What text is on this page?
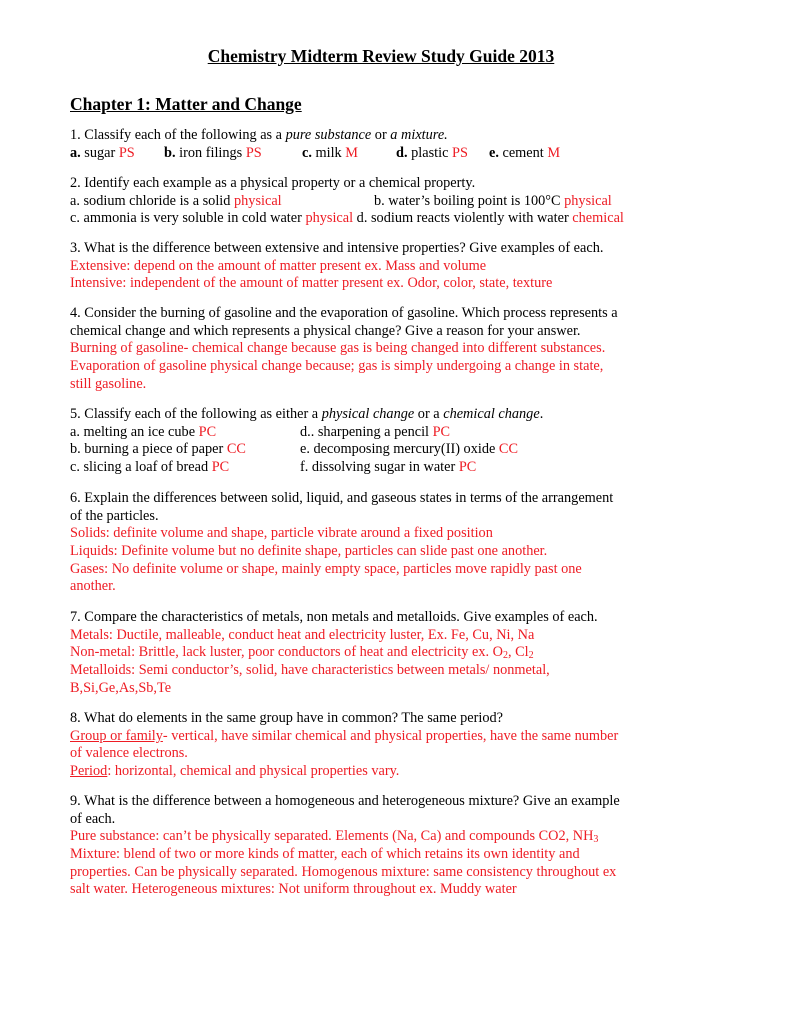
Chemistry Midterm Review Study Guide 2013
Chapter 1: Matter and Change
1. Classify each of the following as a pure substance or a mixture.
a. sugar PS b. iron filings PS	c. milk M	d. plastic PS e. cement M
2. Identify each example as a physical property or a chemical property.
a. sodium chloride is a solid physical	b. water’s boiling point is 100°C physical
c. ammonia is very soluble in cold water physical d. sodium reacts violently with water chemical
3. What is the difference between extensive and intensive properties? Give examples of each.
Extensive: depend on the amount of matter present ex. Mass and volume
Intensive: independent of the amount of matter present ex. Odor, color, state, texture
4. Consider the burning of gasoline and the evaporation of gasoline. Which process represents a
chemical change and which represents a physical change? Give a reason for your answer.
Burning of gasoline- chemical change because gas is being changed into different substances.
Evaporation of gasoline physical change because; gas is simply undergoing a change in state,
still gasoline.
5. Classify each of the following as either a physical change or a chemical change.
a. melting an ice cube PC	d.. sharpening a pencil PC
b. burning a piece of paper CC	e. decomposing mercury(II) oxide CC
c. slicing a loaf of bread PC	f. dissolving sugar in water PC
6. Explain the differences between solid, liquid, and gaseous states in terms of the arrangement
of the particles.
Solids: definite volume and shape, particle vibrate around a fixed position
Liquids: Definite volume but no definite shape, particles can slide past one another.
Gases: No definite volume or shape, mainly empty space, particles move rapidly past one
another.
7. Compare the characteristics of metals, non metals and metalloids. Give examples of each.
Metals: Ductile, malleable, conduct heat and electricity luster, Ex. Fe, Cu, Ni, Na
Non-metal: Brittle, lack luster, poor conductors of heat and electricity ex. $O_2$, $Cl_2$
Metalloids: Semi conductor’s, solid, have characteristics between metals/ nonmetal,
B,Si,Ge,As,Sb,Te
8. What do elements in the same group have in common? The same period?
Group or family- vertical, have similar chemical and physical properties, have the same number
of valence electrons.
Period: horizontal, chemical and physical properties vary.
9. What is the difference between a homogeneous and heterogeneous mixture? Give an example
of each.
Pure substance: can’t be physically separated. Elements (Na, Ca) and compounds CO2, $NH_3$
Mixture: blend of two or more kinds of matter, each of which retains its own identity and
properties. Can be physically separated. Homogenous mixture: same consistency throughout ex
salt water. Heterogeneous mixtures: Not uniform throughout ex. Muddy water
